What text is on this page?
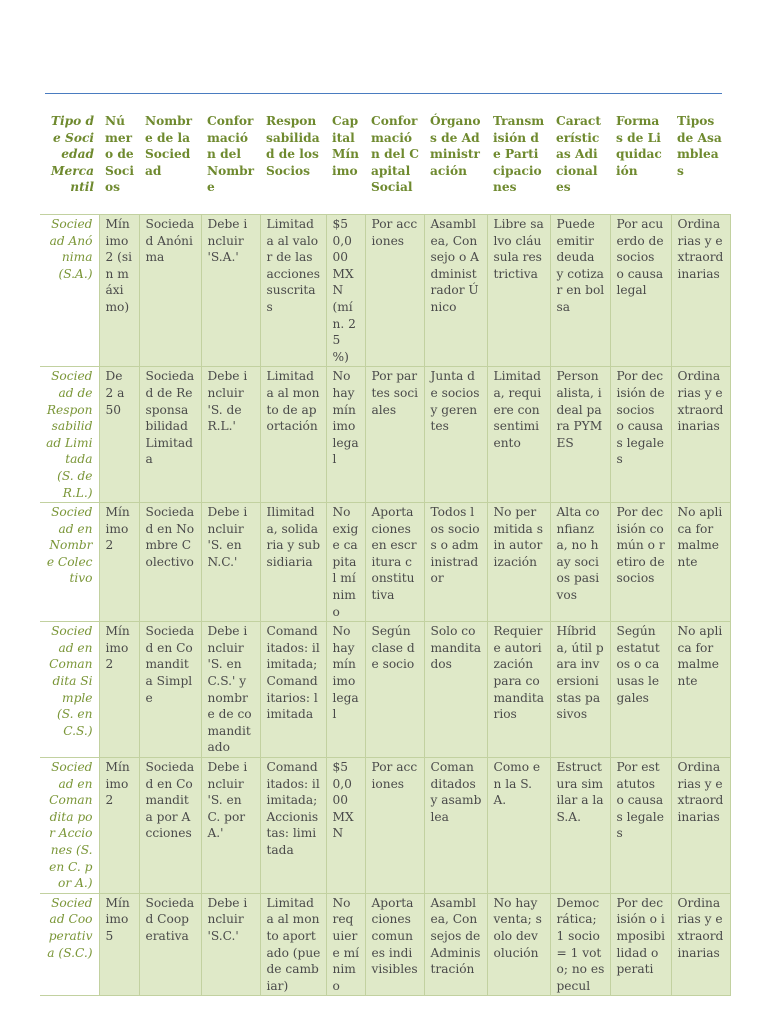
Tipo de Sociedad Mercantil	Número de Socios	Nombre de la Sociedad	Conformación del Nombre	Responsabilidad de los Socios	Capital Mínimo	Conformación del Capital Social	Órganos de Administración	Transmisión de Participaciones	Características Adicionales	Formas de Liquidación	Tipos de Asambleas
Sociedad Anónima (S.A.)	Mínimo 2 (sin máximo)	Sociedad Anónima	Debe incluir 'S.A.'	Limitada al valor de las acciones suscritas	$50,000 MXN (mín. 25 %)	Por acciones	Asamblea, Consejo o Administrador Único	Libre salvo cláusula restrictiva	Puede emitir deuda y cotizar en bolsa	Por acuerdo de socios o causa legal	Ordinarias y extraordinarias
Sociedad de Responsabilidad Limitada (S. de R.L.)	De 2 a 50	Sociedad de Responsabilidad Limitada	Debe incluir 'S. de R.L.'	Limitada al monto de aportación	No hay mínimo legal	Por partes sociales	Junta de socios y gerentes	Limitada, requiere consentimiento	Personalista, ideal para PYMES	Por decisión de socios o causas legales	Ordinarias y extraordinarias
Sociedad en Nombre Colectivo	Mínimo 2	Sociedad en Nombre Colectivo	Debe incluir 'S. en N.C.'	Ilimitada, solidaria y subsidiaria	No exige capital mínimo	Aportaciones en escritura constitutiva	Todos los socios o administrador	No permitida sin autorización	Alta confianza, no hay socios pasivos	Por decisión común o retiro de socios	No aplica formalmente
Sociedad en Comandita Simple (S. en C.S.)	Mínimo 2	Sociedad en Comandita Simple	Debe incluir 'S. en C.S.' y nombre de comanditado	Comanditados: ilimitada; Comanditarios: limitada	No hay mínimo legal	Según clase de socio	Solo comanditados	Requiere autorización para comanditarios	Híbrida, útil para inversionistas pasivos	Según estatutos o causas legales	No aplica formalmente
Sociedad en Comandita por Acciones (S. en C. por A.)	Mínimo 2	Sociedad en Comandita por Acciones	Debe incluir 'S. en C. por A.'	Comanditados: ilimitada; Accionistas: limitada	$50,000 MXN	Por acciones	Comanditados y asamblea	Como en la S.A.	Estructura similar a la S.A.	Por estatutos o causas legales	Ordinarias y extraordinarias
Sociedad Cooperativa (S.C.)	Mínimo 5	Sociedad Cooperativa	Debe incluir 'S.C.'	Limitada al monto aportado (puede cambiar)	No requiere mínimo	Aportaciones comunes indivisibles	Asamblea, Consejos de Administración	No hay venta; solo devolución	Democrática; 1 socio = 1 voto; no especul	Por decisión o imposibilidad operati	Ordinarias y extraordinarias
